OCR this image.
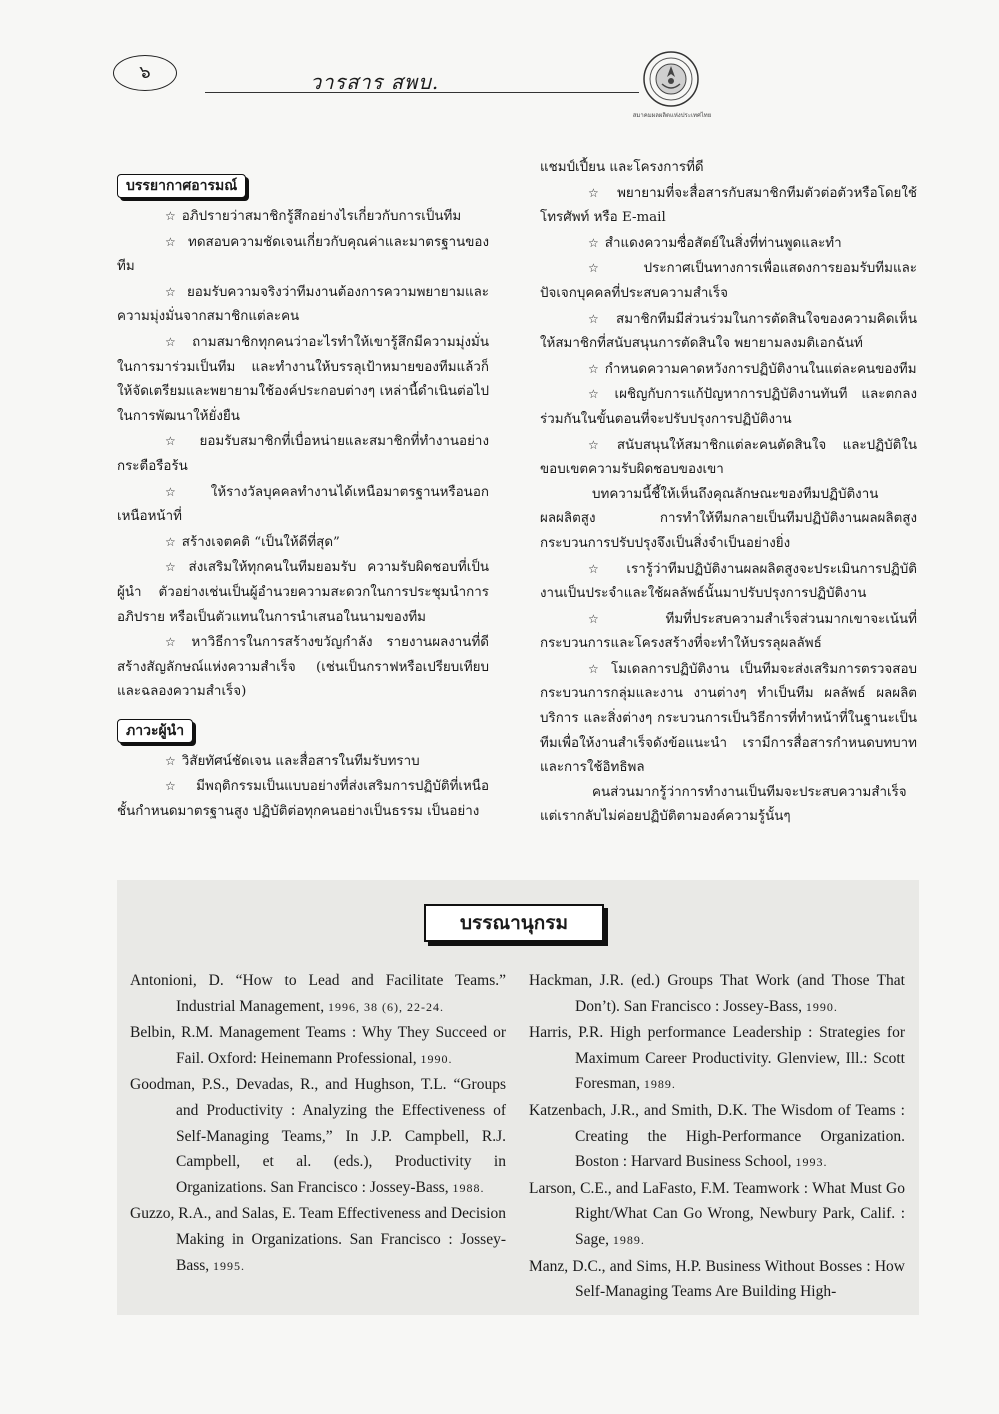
๖	วารสาร สพบ.
สมาคมผลผลิตแห่งประเทศไทย
บรรยากาศอารมณ์

☆ อภิปรายว่าสมาชิกรู้สึกอย่างไรเกี่ยวกับการเป็นทีม

☆ ทดสอบความชัดเจนเกี่ยวกับคุณค่าและมาตรฐานของทีม

☆ ยอมรับความจริงว่าทีมงานต้องการความพยายามและความมุ่งมั่นจากสมาชิกแต่ละคน

☆ ถามสมาชิกทุกคนว่าอะไรทำให้เขารู้สึกมีความมุ่งมั่นในการมาร่วมเป็นทีม และทำงานให้บรรลุเป้าหมายของทีมแล้วก็ให้จัดเตรียมและพยายามใช้องค์ประกอบต่างๆ เหล่านี้ดำเนินต่อไปในการพัฒนาให้ยั่งยืน

☆ ยอมรับสมาชิกที่เบื่อหน่ายและสมาชิกที่ทำงานอย่างกระตือรือร้น

☆ ให้รางวัลบุคคลทำงานได้เหนือมาตรฐานหรือนอกเหนือหน้าที่

☆ สร้างเจตคติ “เป็นให้ดีที่สุด”

☆ ส่งเสริมให้ทุกคนในทีมยอมรับ ความรับผิดชอบที่เป็นผู้นำ ตัวอย่างเช่นเป็นผู้อำนวยความสะดวกในการประชุมนำการอภิปราย หรือเป็นตัวแทนในการนำเสนอในนามของทีม

☆ หาวิธีการในการสร้างขวัญกำลัง รายงานผลงานที่ดีสร้างสัญลักษณ์แห่งความสำเร็จ (เช่นเป็นกราฟหรือเปรียบเทียบและฉลองความสำเร็จ)

ภาวะผู้นำ

☆ วิสัยทัศน์ชัดเจน และสื่อสารในทีมรับทราบ

☆ มีพฤติกรรมเป็นแบบอย่างที่ส่งเสริมการปฏิบัติที่เหนือชั้นกำหนดมาตรฐานสูง ปฏิบัติต่อทุกคนอย่างเป็นธรรม เป็นอย่าง

แชมป์เปี้ยน และโครงการที่ดี

☆ พยายามที่จะสื่อสารกับสมาชิกทีมตัวต่อตัวหรือโดยใช้โทรศัพท์ หรือ E-mail

☆ สำแดงความซื่อสัตย์ในสิ่งที่ท่านพูดและทำ

☆ ประกาศเป็นทางการเพื่อแสดงการยอมรับทีมและปัจเจกบุคคลที่ประสบความสำเร็จ

☆ สมาชิกทีมมีส่วนร่วมในการตัดสินใจของความคิดเห็นให้สมาชิกที่สนับสนุนการตัดสินใจ พยายามลงมติเอกฉันท์

☆ กำหนดความคาดหวังการปฏิบัติงานในแต่ละคนของทีม

☆ เผชิญกับการแก้ปัญหาการปฏิบัติงานทันที และตกลงร่วมกันในขั้นตอนที่จะปรับปรุงการปฏิบัติงาน

☆ สนับสนุนให้สมาชิกแต่ละคนตัดสินใจ และปฏิบัติในขอบเขตความรับผิดชอบของเขา

บทความนี้ชี้ให้เห็นถึงคุณลักษณะของทีมปฏิบัติงานผลผลิตสูง การทำให้ทีมกลายเป็นทีมปฏิบัติงานผลผลิตสูง กระบวนการปรับปรุงจึงเป็นสิ่งจำเป็นอย่างยิ่ง

☆ เรารู้ว่าทีมปฏิบัติงานผลผลิตสูงจะประเมินการปฏิบัติงานเป็นประจำและใช้ผลลัพธ์นั้นมาปรับปรุงการปฏิบัติงาน

☆ ทีมที่ประสบความสำเร็จส่วนมากเขาจะเน้นที่กระบวนการและโครงสร้างที่จะทำให้บรรลุผลลัพธ์

☆ โมเดลการปฏิบัติงาน เป็นทีมจะส่งเสริมการตรวจสอบกระบวนการกลุ่มและงาน งานต่างๆ ทำเป็นทีม ผลลัพธ์ ผลผลิต บริการ และสิ่งต่างๆ กระบวนการเป็นวิธีการที่ทำหน้าที่ในฐานะเป็นทีมเพื่อให้งานสำเร็จดังข้อแนะนำ เรามีการสื่อสารกำหนดบทบาท และการใช้อิทธิพล

คนส่วนมากรู้ว่าการทำงานเป็นทีมจะประสบความสำเร็จแต่เรากลับไม่ค่อยปฏิบัติตามองค์ความรู้นั้นๆ

บรรณานุกรม

Antonioni, D. “How to Lead and Facilitate Teams.” Industrial Management, 1996, 38 (6), 22-24.

Belbin, R.M. Management Teams : Why They Succeed or Fail. Oxford: Heinemann Professional, 1990.

Goodman, P.S., Devadas, R., and Hughson, T.L. “Groups and Productivity : Analyzing the Effectiveness of Self-Managing Teams,” In J.P. Campbell, R.J. Campbell, et al. (eds.), Productivity in Organizations. San Francisco : Jossey-Bass, 1988.

Guzzo, R.A., and Salas, E. Team Effectiveness and Decision Making in Organizations. San Francisco : Jossey-Bass, 1995.

Hackman, J.R. (ed.) Groups That Work (and Those That Don’t). San Francisco : Jossey-Bass, 1990.

Harris, P.R. High performance Leadership : Strategies for Maximum Career Productivity. Glenview, Ill.: Scott Foresman, 1989.

Katzenbach, J.R., and Smith, D.K. The Wisdom of Teams : Creating the High-Performance Organization. Boston : Harvard Business School, 1993.

Larson, C.E., and LaFasto, F.M. Teamwork : What Must Go Right/What Can Go Wrong, Newbury Park, Calif. : Sage, 1989.

Manz, D.C., and Sims, H.P. Business Without Bosses : How Self-Managing Teams Are Building High-
